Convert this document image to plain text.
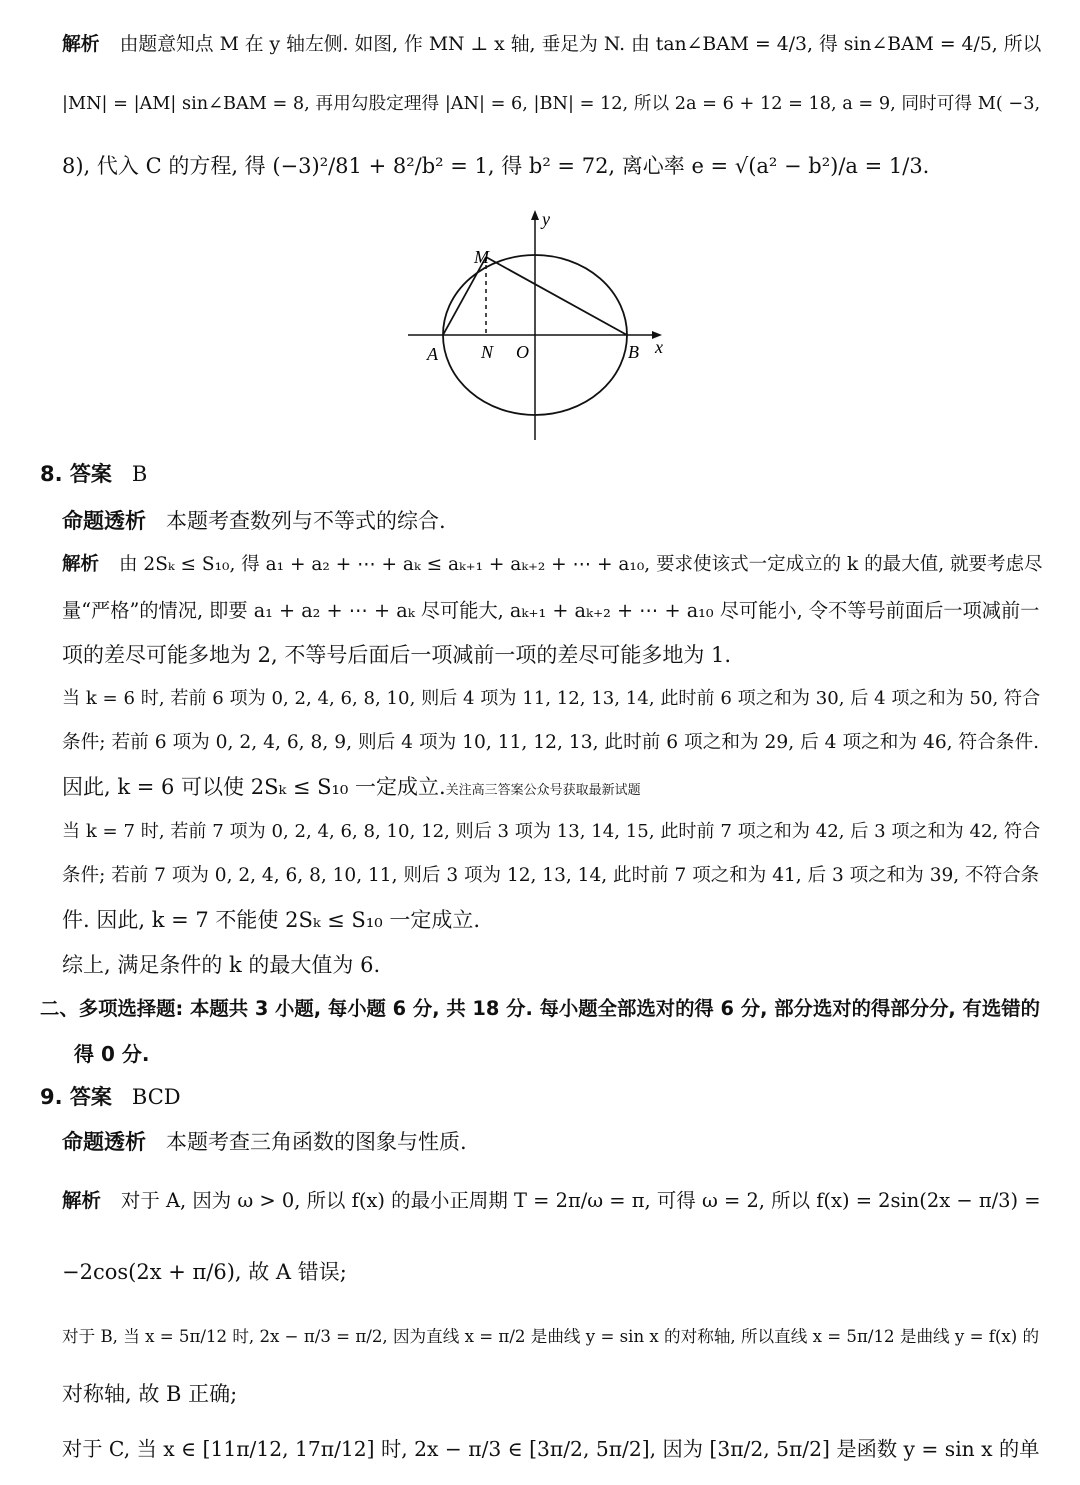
解析 由题意知点 M 在 y 轴左侧. 如图, 作 MN ⊥ x 轴, 垂足为 N. 由 tan∠BAM = 4/3, 得 sin∠BAM = 4/5, 所以
|MN| = |AM| sin∠BAM = 8, 再用勾股定理得 |AN| = 6, |BN| = 12, 所以 2a = 6 + 12 = 18, a = 9, 同时可得 M( −3,
8), 代入 C 的方程, 得 (−3)²/81 + 8²/b² = 1, 得 b² = 72, 离心率 e = √(a² − b²)/a = 1/3.
y
x
M
A N O	B
8. 答案 B
命题透析 本题考查数列与不等式的综合.
解析 由 2Sₖ ≤ S₁₀, 得 a₁ + a₂ + ⋯ + aₖ ≤ aₖ₊₁ + aₖ₊₂ + ⋯ + a₁₀, 要求使该式一定成立的 k 的最大值, 就要考虑尽
量“严格”的情况, 即要 a₁ + a₂ + ⋯ + aₖ 尽可能大, aₖ₊₁ + aₖ₊₂ + ⋯ + a₁₀ 尽可能小, 令不等号前面后一项减前一
项的差尽可能多地为 2, 不等号后面后一项减前一项的差尽可能多地为 1.
当 k = 6 时, 若前 6 项为 0, 2, 4, 6, 8, 10, 则后 4 项为 11, 12, 13, 14, 此时前 6 项之和为 30, 后 4 项之和为 50, 符合
条件; 若前 6 项为 0, 2, 4, 6, 8, 9, 则后 4 项为 10, 11, 12, 13, 此时前 6 项之和为 29, 后 4 项之和为 46, 符合条件.
因此, k = 6 可以使 2Sₖ ≤ S₁₀ 一定成立.关注高三答案公众号获取最新试题
当 k = 7 时, 若前 7 项为 0, 2, 4, 6, 8, 10, 12, 则后 3 项为 13, 14, 15, 此时前 7 项之和为 42, 后 3 项之和为 42, 符合
条件; 若前 7 项为 0, 2, 4, 6, 8, 10, 11, 则后 3 项为 12, 13, 14, 此时前 7 项之和为 41, 后 3 项之和为 39, 不符合条
件. 因此, k = 7 不能使 2Sₖ ≤ S₁₀ 一定成立.
综上, 满足条件的 k 的最大值为 6.
二、多项选择题: 本题共 3 小题, 每小题 6 分, 共 18 分. 每小题全部选对的得 6 分, 部分选对的得部分分, 有选错的
得 0 分.
9. 答案 BCD
命题透析 本题考查三角函数的图象与性质.
解析 对于 A, 因为 ω > 0, 所以 f(x) 的最小正周期 T = 2π/ω = π, 可得 ω = 2, 所以 f(x) = 2sin(2x − π/3) =
−2cos(2x + π/6), 故 A 错误;
对于 B, 当 x = 5π/12 时, 2x − π/3 = π/2, 因为直线 x = π/2 是曲线 y = sin x 的对称轴, 所以直线 x = 5π/12 是曲线 y = f(x) 的
对称轴, 故 B 正确;
对于 C, 当 x ∈ [11π/12, 17π/12] 时, 2x − π/3 ∈ [3π/2, 5π/2], 因为 [3π/2, 5π/2] 是函数 y = sin x 的单
